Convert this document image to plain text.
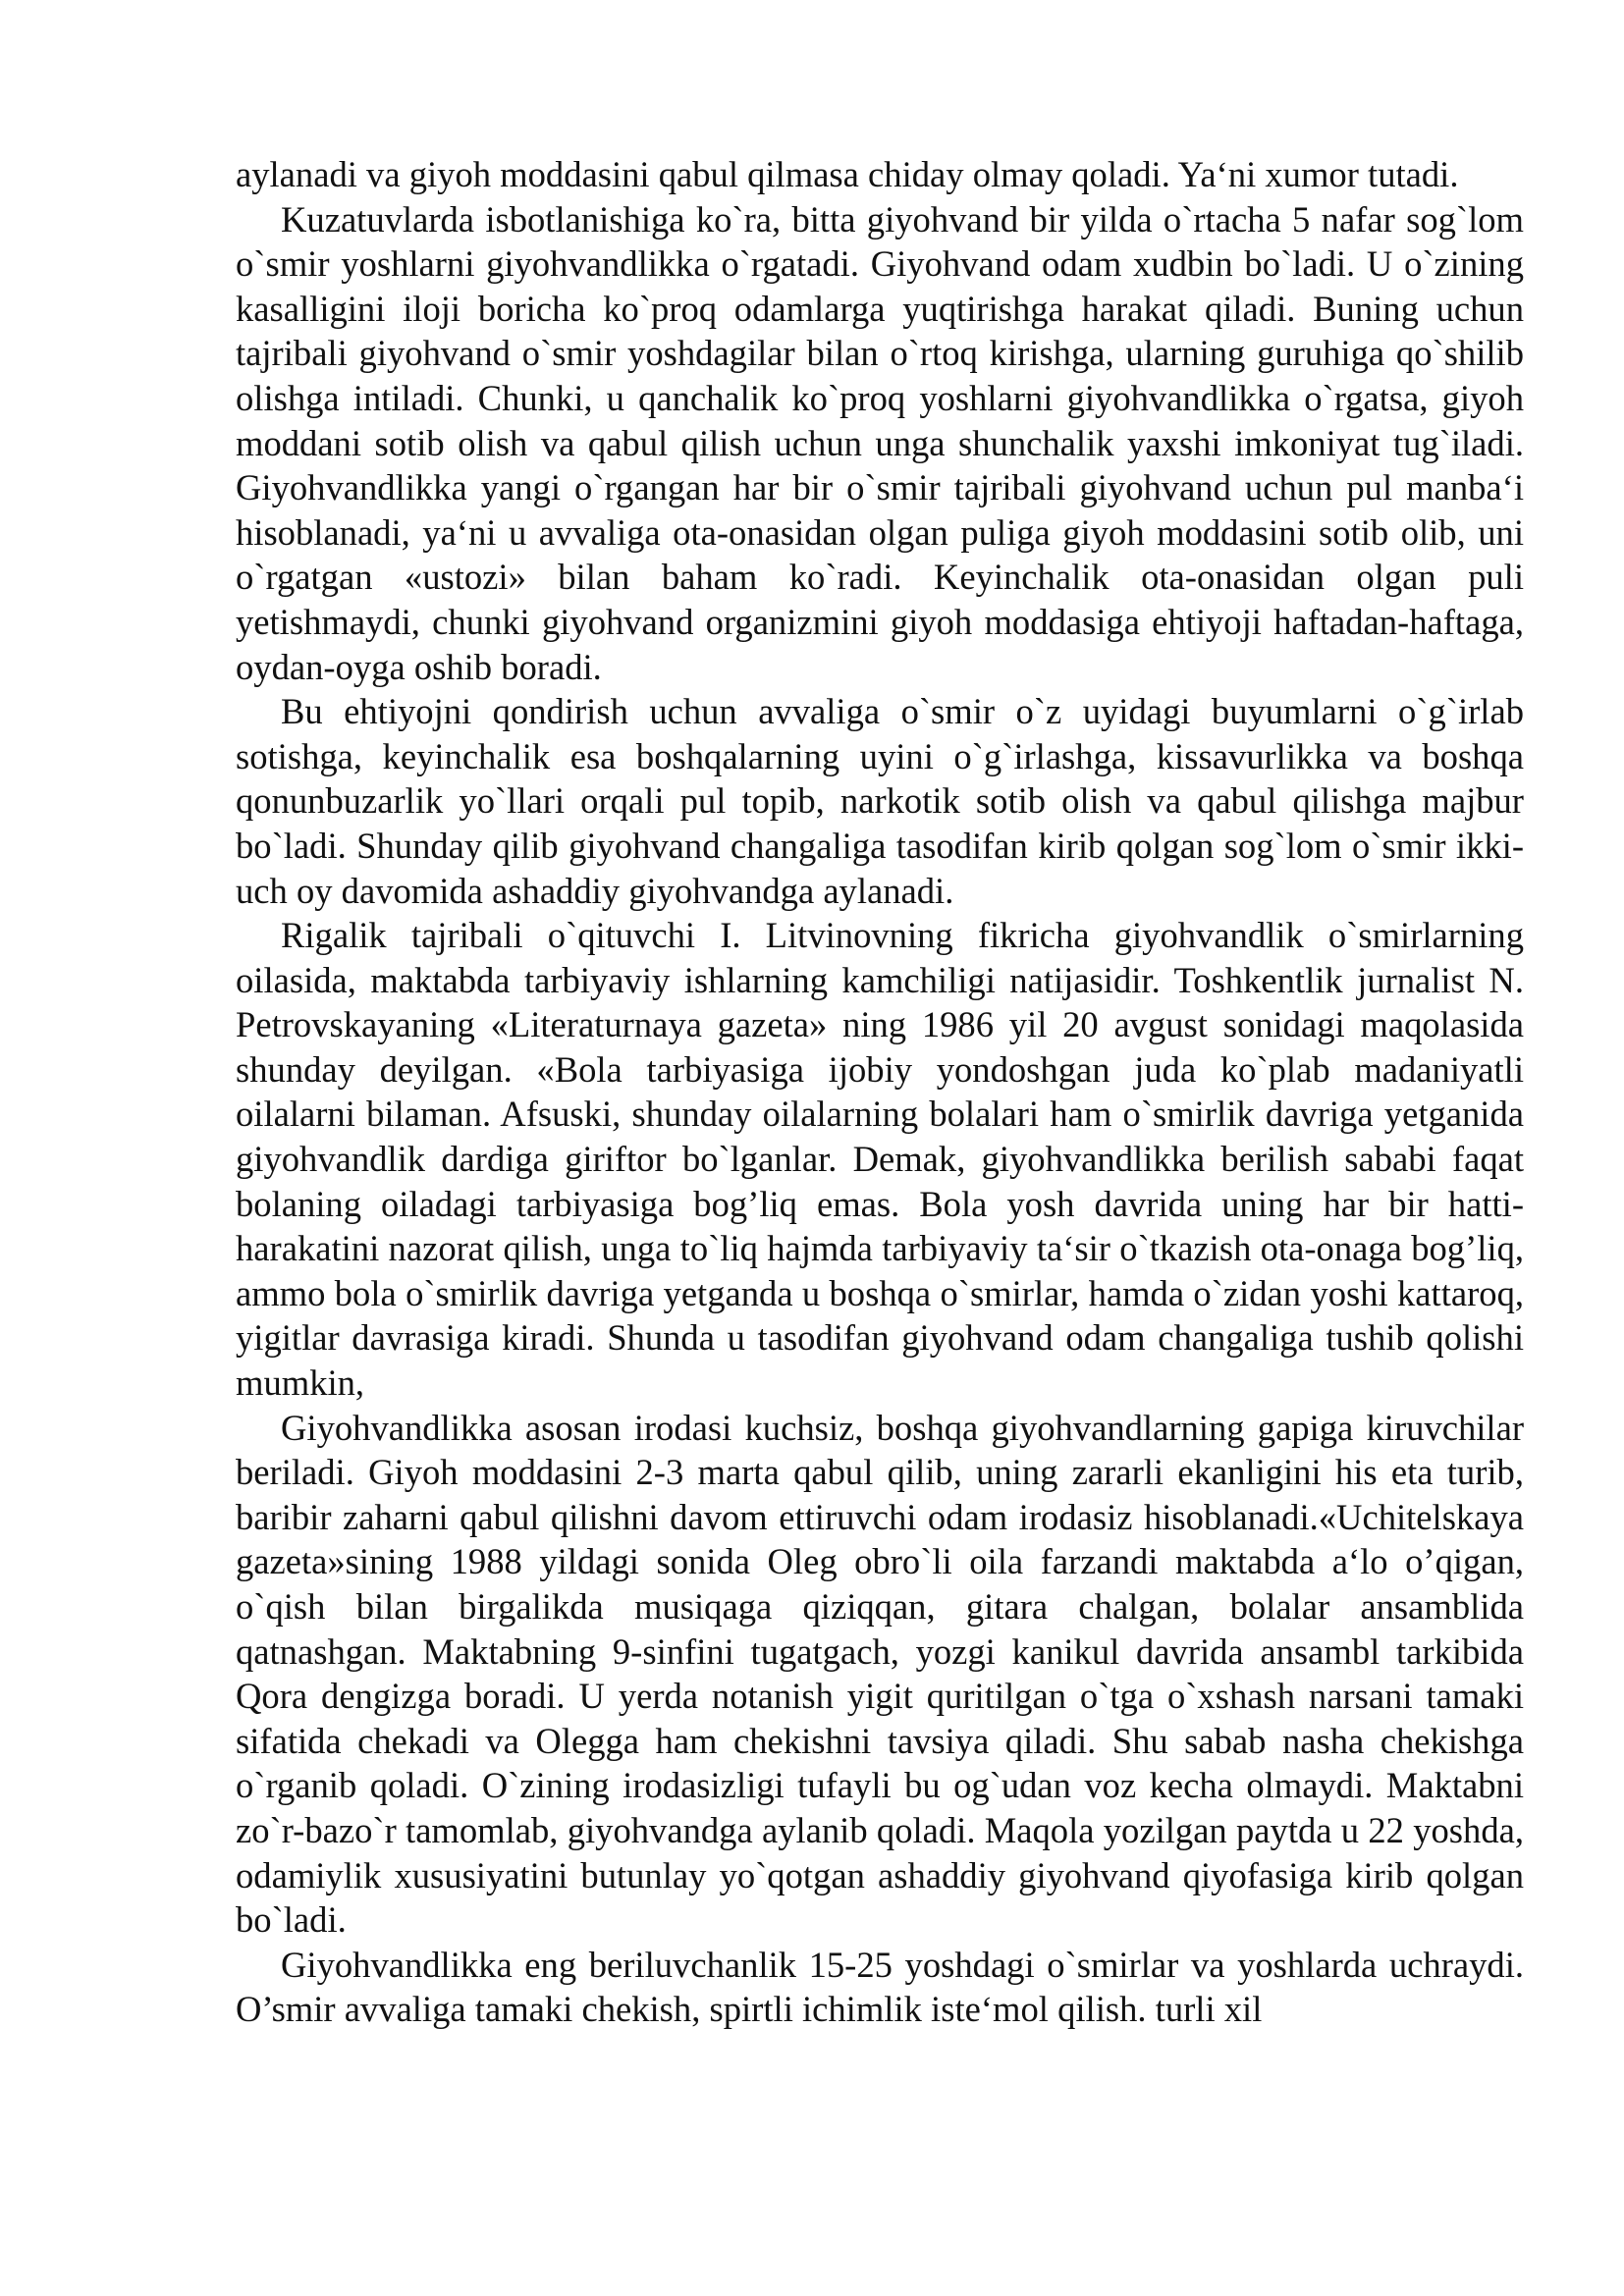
aylanadi va giyoh moddasini qabul qilmasa chiday olmay qoladi. Ya‘ni xumor tutadi.

Kuzatuvlarda isbotlanishiga ko`ra, bitta giyohvand bir yilda o`rtacha 5 nafar sog`lom o`smir yoshlarni giyohvandlikka o`rgatadi. Giyohvand odam xudbin bo`ladi. U o`zining kasalligini iloji boricha ko`proq odamlarga yuqtirishga harakat qiladi. Buning uchun tajribali giyohvand o`smir yoshdagilar bilan o`rtoq kirishga, ularning guruhiga qo`shilib olishga intiladi. Chunki, u qanchalik ko`proq yoshlarni giyohvandlikka o`rgatsa, giyoh moddani sotib olish va qabul qilish uchun unga shunchalik yaxshi imkoniyat tug`iladi. Giyohvandlikka yangi o`rgangan har bir o`smir tajribali giyohvand uchun pul manba‘i hisoblanadi, ya‘ni u avvaliga ota-onasidan olgan puliga giyoh moddasini sotib olib, uni o`rgatgan «ustozi» bilan baham ko`radi. Keyinchalik ota-onasidan olgan puli yetishmaydi, chunki giyohvand organizmini giyoh moddasiga ehtiyoji haftadan-haftaga, oydan-oyga oshib boradi.

Bu ehtiyojni qondirish uchun avvaliga o`smir o`z uyidagi buyumlarni o`g`irlab sotishga, keyinchalik esa boshqalarning uyini o`g`irlashga, kissavurlikka va boshqa qonunbuzarlik yo`llari orqali pul topib, narkotik sotib olish va qabul qilishga majbur bo`ladi. Shunday qilib giyohvand changaliga tasodifan kirib qolgan sog`lom o`smir ikki-uch oy davomida ashaddiy giyohvandga aylanadi.

Rigalik tajribali o`qituvchi I. Litvinovning fikricha giyohvandlik o`smirlarning oilasida, maktabda tarbiyaviy ishlarning kamchiligi natijasidir. Toshkentlik jurnalist N. Petrovskayaning «Literaturnaya gazeta» ning 1986 yil 20 avgust sonidagi maqolasida shunday deyilgan. «Bola tarbiyasiga ijobiy yondoshgan juda ko`plab madaniyatli oilalarni bilaman. Afsuski, shunday oilalarning bolalari ham o`smirlik davriga yetganida giyohvandlik dardiga giriftor bo`lganlar. Demak, giyohvandlikka berilish sababi faqat bolaning oiladagi tarbiyasiga bog’liq emas. Bola yosh davrida uning har bir hatti-harakatini nazorat qilish, unga to`liq hajmda tarbiyaviy ta‘sir o`tkazish ota-onaga bog’liq, ammo bola o`smirlik davriga yetganda u boshqa o`smirlar, hamda o`zidan yoshi kattaroq, yigitlar davrasiga kiradi. Shunda u tasodifan giyohvand odam changaliga tushib qolishi mumkin,

Giyohvandlikka asosan irodasi kuchsiz, boshqa giyohvandlarning gapiga kiruvchilar beriladi. Giyoh moddasini 2-3 marta qabul qilib, uning zararli ekanligini his eta turib, baribir zaharni qabul qilishni davom ettiruvchi odam irodasiz hisoblanadi.«Uchitelskaya gazeta»sining 1988 yildagi sonida Oleg obro`li oila farzandi maktabda a‘lo o’qigan, o`qish bilan birgalikda musiqaga qiziqqan, gitara chalgan, bolalar ansamblida qatnashgan. Maktabning 9-sinfini tugatgach, yozgi kanikul davrida ansambl tarkibida Qora dengizga boradi. U yerda notanish yigit quritilgan o`tga o`xshash narsani tamaki sifatida chekadi va Olegga ham chekishni tavsiya qiladi. Shu sabab nasha chekishga o`rganib qoladi. O`zining irodasizligi tufayli bu og`udan voz kecha olmaydi. Maktabni zo`r-bazo`r tamomlab, giyohvandga aylanib qoladi. Maqola yozilgan paytda u 22 yoshda, odamiylik xususiyatini butunlay yo`qotgan ashaddiy giyohvand qiyofasiga kirib qolgan bo`ladi.

Giyohvandlikka eng beriluvchanlik 15-25 yoshdagi o`smirlar va yoshlarda uchraydi. O’smir avvaliga tamaki chekish, spirtli ichimlik iste‘mol qilish. turli xil
